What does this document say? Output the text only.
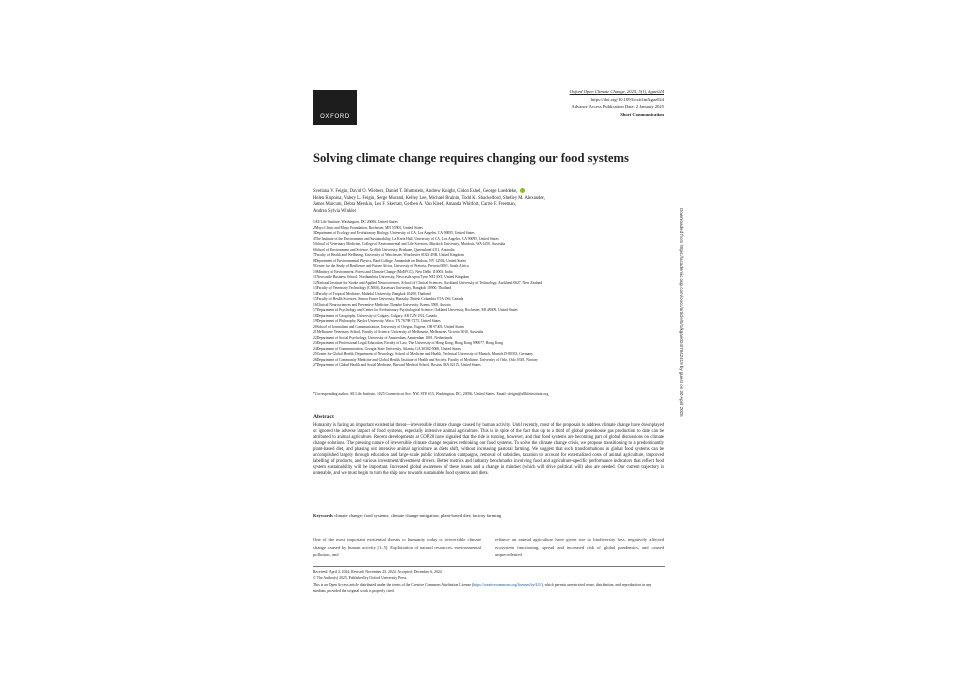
OXFORD
Oxford Open Climate Change, 2025, 5(1), kgae024
https://doi.org/10.1093/oxfclm/kgae024
Advance Access Publication Date: 2 January 2025
Short Communication
Solving climate change requires changing our food systems
Svetlana V. Feigin, David O. Wiebers, Daniel T. Blumstein, Andrew Knight, Gidon Eshel, George Lueddeke,
Helen Kopnina, Valery L. Feigin, Serge Morand, Kelley Lee, Michael Brainin, Todd K. Shackelford, Shelley M. Alexander,
James Marcum, Debra Merskin, Les F. Skerratt, Gerben A. Van Kleef, Amanda Whitfort, Carrie F. Freeman,
Andrea Sylvia Winkler
1All Life Institute, Washington, DC 20006, United States
2Mayo Clinic and Mayo Foundation, Rochester, MN 55905, United States
3Department of Ecology and Evolutionary Biology, University of CA, Los Angeles, CA 90095, United States
4The Institute of the Environment and Sustainability, La Kretz Hall, University of CA, Los Angeles, CA 90095, United States
5School of Veterinary Medicine, College of Environmental and Life Sciences, Murdoch University, Murdoch, WA 6150, Australia
6School of Environment and Science, Griffith University, Brisbane, Queensland 4111, Australia
7Faculty of Health and Wellbeing, University of Winchester, Winchester SO22 4NR, United Kingdom
8Department of Environmental Physics, Bard College, Annandale on Hudson, NY 12504, United States
9Centre for the Study of Resilience and Future Africa, University of Pretoria, Pretoria 0001, South Africa
10Ministry of Environment, Forest and Climate Change (MoEFCC), New Delhi 110003, India
11Newcastle Business School, Northumbria University, Newcastle upon Tyne NE1 8ST, United Kingdom
12National Institute for Stroke and Applied Neurosciences, School of Clinical Sciences, Auckland University of Technology, Auckland 0627, New Zealand
13Faculty of Veterinary Technology (CNRS), Kasetsart University, Bangkok 10900, Thailand
14Faculty of Tropical Medicine, Mahidol University, Bangkok 10400, Thailand
15Faculty of Health Sciences, Simon Fraser University, Burnaby, British Columbia V5A 1S6, Canada
16Clinical Neurosciences and Preventive Medicine, Danube University, Krems 3500, Austria
17Department of Psychology and Center for Evolutionary Psychological Science, Oakland University, Rochester, MI 48309, United States
18Department of Geography, University of Calgary, Calgary, AB T2N 1N4, Canada
19Department of Philosophy, Baylor University, Waco, TX 76798-7273, United States
20School of Journalism and Communication, University of Oregon, Eugene, OR 97403, United States
21Melbourne Veterinary School, Faculty of Science, University of Melbourne, Melbourne, Victoria 3010, Australia
22Department of Social Psychology, University of Amsterdam, Amsterdam 1001, Netherlands
23Department of Professional Legal Education, Faculty of Law, The University of Hong Kong, Hong Kong 999077, Hong Kong
24Department of Communication, Georgia State University, Atlanta, GA 30302-5060, United States
25Center for Global Health, Department of Neurology, School of Medicine and Health, Technical University of Munich, Munich D-80333, Germany
26Department of Community Medicine and Global Health, Institute of Health and Society, Faculty of Medicine, University of Oslo, Oslo 0318, Norway
27Department of Global Health and Social Medicine, Harvard Medical School, Boston, MA 02115, United States
*Corresponding author. All Life Institute, 1025 Connecticut Ave. NW, STE 615, Washington, DC, 20036, United States. Email: sfeigin@alllifeinstitute.org
Abstract
Humanity is facing an important existential threat—irreversible climate change caused by human activity. Until recently, most of the proposals to address climate change have downplayed or ignored the adverse impact of food systems, especially intensive animal agriculture. This is in spite of the fact that up to a third of global greenhouse gas production to date can be attributed to animal agriculture. Recent developments at COP28 have signaled that the tide is turning, however, and that food systems are becoming part of global discussions on climate change solutions. The pressing nature of irreversible climate change requires rethinking our food systems. To solve the climate change crisis, we propose transitioning to a predominantly plant-based diet, and phasing out intensive animal agriculture as diets shift, without increasing pastoral farming. We suggest that such transformations in global food systems can be accomplished largely through education and large-scale public information campaigns, removal of subsidies, taxation to account for externalized costs of animal agriculture, improved labelling of products, and various investment/divestment drivers. Better metrics and industry benchmarks involving food and agriculture-specific performance indicators that reflect food system sustainability will be important. Increased global awareness of these issues and a change in mindset (which will drive political will) also are needed. Our current trajectory is untenable, and we must begin to turn the ship now towards sustainable food systems and diets.
Keywords climate change; food systems; climate change mitigation; plant-based diet; factory farming
One of the most important existential threats to humanity today is irreversible climate change caused by human activity [1–5]. Exploitation of natural resources, environmental pollution, and
reliance on animal agriculture have given rise to biodiversity loss, negatively affected ecosystem functioning, spread and increased risk of global pandemics, and caused unprecedented
Received: April 3, 2024. Revised: November 25, 2024. Accepted: December 6, 2024
© The Author(s) 2025. Published by Oxford University Press.
This is an Open Access article distributed under the terms of the Creative Commons Attribution License (https://creativecommons.org/licenses/by/4.0/), which permits unrestricted reuse, distribution, and reproduction in any medium, provided the original work is properly cited.
Downloaded from https://academic.oup.com/oocc/article/5/1/kgae024/7942419 by guest on 30 April 2025
